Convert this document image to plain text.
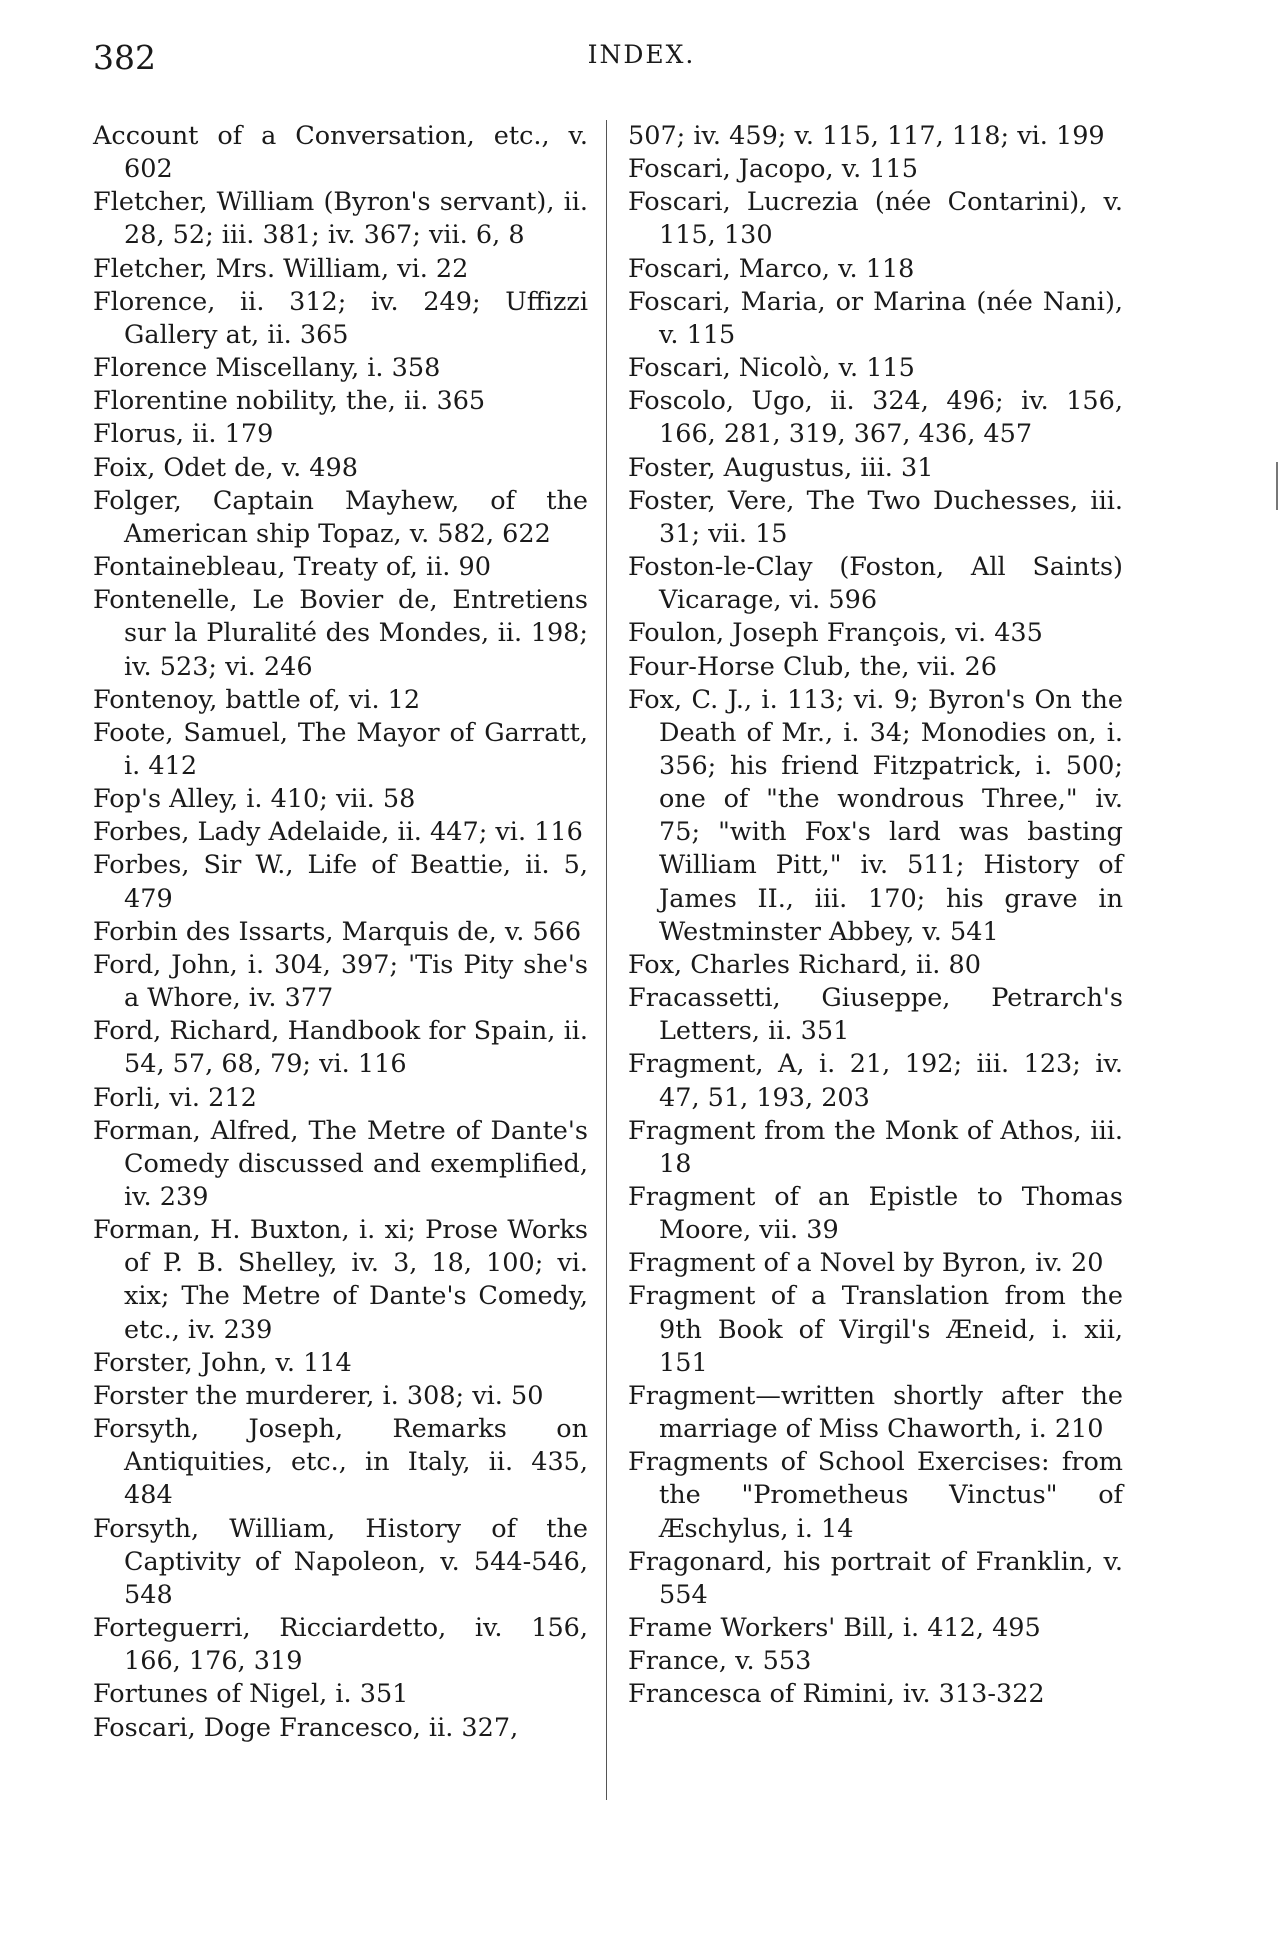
382	INDEX.
Account of a Conversation, etc., v. 602
Fletcher, William (Byron's servant), ii. 28, 52; iii. 381; iv. 367; vii. 6, 8
Fletcher, Mrs. William, vi. 22
Florence, ii. 312; iv. 249; Uffizzi Gallery at, ii. 365
Florence Miscellany, i. 358
Florentine nobility, the, ii. 365
Florus, ii. 179
Foix, Odet de, v. 498
Folger, Captain Mayhew, of the American ship Topaz, v. 582, 622
Fontainebleau, Treaty of, ii. 90
Fontenelle, Le Bovier de, Entretiens sur la Pluralité des Mondes, ii. 198; iv. 523; vi. 246
Fontenoy, battle of, vi. 12
Foote, Samuel, The Mayor of Garratt, i. 412
Fop's Alley, i. 410; vii. 58
Forbes, Lady Adelaide, ii. 447; vi. 116
Forbes, Sir W., Life of Beattie, ii. 5, 479
Forbin des Issarts, Marquis de, v. 566
Ford, John, i. 304, 397; 'Tis Pity she's a Whore, iv. 377
Ford, Richard, Handbook for Spain, ii. 54, 57, 68, 79; vi. 116
Forli, vi. 212
Forman, Alfred, The Metre of Dante's Comedy discussed and exemplified, iv. 239
Forman, H. Buxton, i. xi; Prose Works of P. B. Shelley, iv. 3, 18, 100; vi. xix; The Metre of Dante's Comedy, etc., iv. 239
Forster, John, v. 114
Forster the murderer, i. 308; vi. 50
Forsyth, Joseph, Remarks on Antiquities, etc., in Italy, ii. 435, 484
Forsyth, William, History of the Captivity of Napoleon, v. 544-546, 548
Forteguerri, Ricciardetto, iv. 156, 166, 176, 319
Fortunes of Nigel, i. 351
Foscari, Doge Francesco, ii. 327,
507; iv. 459; v. 115, 117, 118; vi. 199
Foscari, Jacopo, v. 115
Foscari, Lucrezia (née Contarini), v. 115, 130
Foscari, Marco, v. 118
Foscari, Maria, or Marina (née Nani), v. 115
Foscari, Nicolò, v. 115
Foscolo, Ugo, ii. 324, 496; iv. 156, 166, 281, 319, 367, 436, 457
Foster, Augustus, iii. 31
Foster, Vere, The Two Duchesses, iii. 31; vii. 15
Foston-le-Clay (Foston, All Saints) Vicarage, vi. 596
Foulon, Joseph François, vi. 435
Four-Horse Club, the, vii. 26
Fox, C. J., i. 113; vi. 9; Byron's On the Death of Mr., i. 34; Monodies on, i. 356; his friend Fitzpatrick, i. 500; one of "the wondrous Three," iv. 75; "with Fox's lard was basting William Pitt," iv. 511; History of James II., iii. 170; his grave in Westminster Abbey, v. 541
Fox, Charles Richard, ii. 80
Fracassetti, Giuseppe, Petrarch's Letters, ii. 351
Fragment, A, i. 21, 192; iii. 123; iv. 47, 51, 193, 203
Fragment from the Monk of Athos, iii. 18
Fragment of an Epistle to Thomas Moore, vii. 39
Fragment of a Novel by Byron, iv. 20
Fragment of a Translation from the 9th Book of Virgil's Æneid, i. xii, 151
Fragment—written shortly after the marriage of Miss Chaworth, i. 210
Fragments of School Exercises: from the "Prometheus Vinctus" of Æschylus, i. 14
Fragonard, his portrait of Franklin, v. 554
Frame Workers' Bill, i. 412, 495
France, v. 553
Francesca of Rimini, iv. 313-322
